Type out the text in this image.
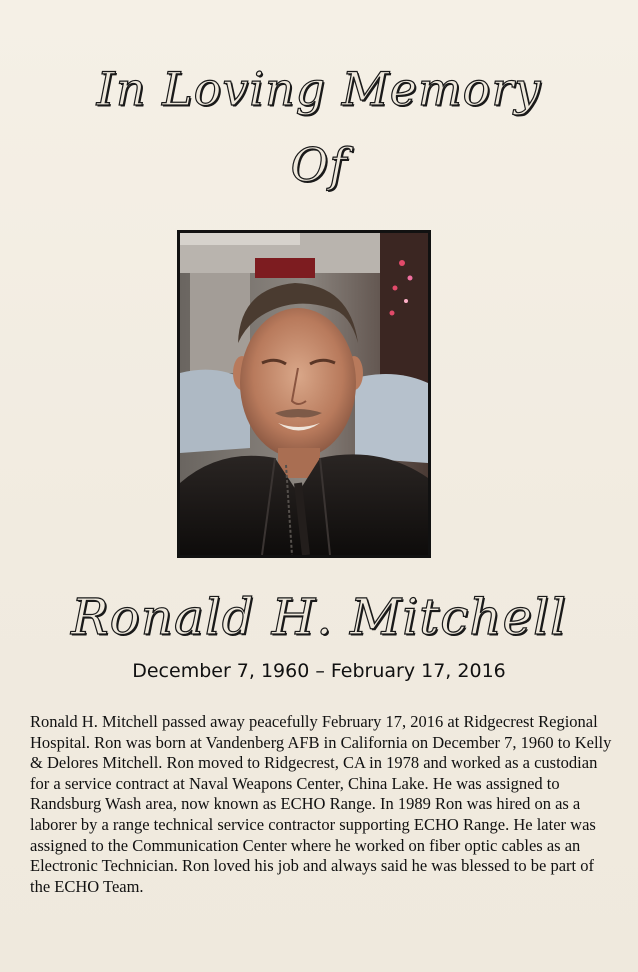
In Loving Memory
Of
Ronald H. Mitchell
December 7, 1960 – February 17, 2016
Ronald H. Mitchell passed away peacefully February 17, 2016 at Ridgecrest Regional Hospital. Ron was born at Vandenberg AFB in California on December 7, 1960 to Kelly & Delores Mitchell. Ron moved to Ridgecrest, CA in 1978 and worked as a custodian for a service contract at Naval Weapons Center, China Lake. He was assigned to Randsburg Wash area, now known as ECHO Range. In 1989 Ron was hired on as a laborer by a range technical service contractor supporting ECHO Range. He later was assigned to the Communication Center where he worked on fiber optic cables as an Electronic Technician. Ron loved his job and always said he was blessed to be part of the ECHO Team.
